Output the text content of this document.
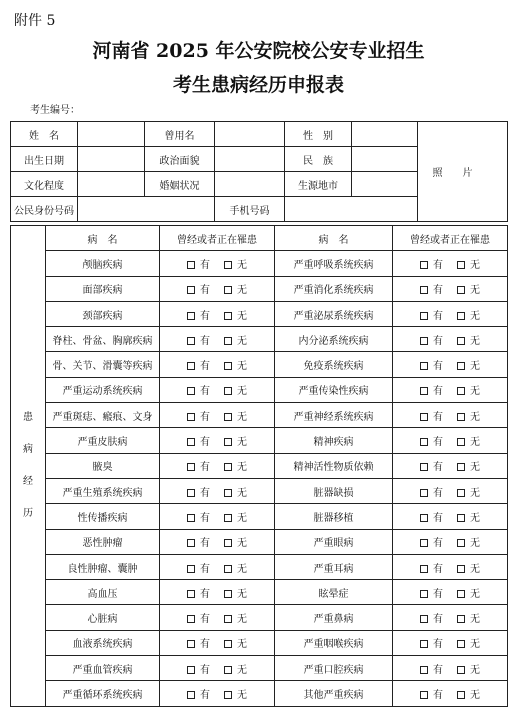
附件 5
河南省 2025 年公安院校公安专业招生
考生患病经历申报表
考生编号：
姓　名		曾用名		性　别		照片
出生日期		政治面貌		民　族		
文化程度		婚姻状况		生源地市		
公民身份号码			手机号码			
患
病
经
历	病　名	曾经或者正在罹患	病　名	曾经或者正在罹患
	颅脑疾病	有 无	严重呼吸系统疾病	有 无
	面部疾病	有 无	严重消化系统疾病	有 无
	颈部疾病	有 无	严重泌尿系统疾病	有 无
	脊柱、骨盆、胸廓疾病	有 无	内分泌系统疾病	有 无
	骨、关节、滑囊等疾病	有 无	免疫系统疾病	有 无
	严重运动系统疾病	有 无	严重传染性疾病	有 无
	严重斑痣、瘢痕、文身	有 无	严重神经系统疾病	有 无
	严重皮肤病	有 无	精神疾病	有 无
	腋臭	有 无	精神活性物质依赖	有 无
	严重生殖系统疾病	有 无	脏器缺损	有 无
	性传播疾病	有 无	脏器移植	有 无
	恶性肿瘤	有 无	严重眼病	有 无
	良性肿瘤、囊肿	有 无	严重耳病	有 无
	高血压	有 无	眩晕症	有 无
	心脏病	有 无	严重鼻病	有 无
	血液系统疾病	有 无	严重咽喉疾病	有 无
	严重血管疾病	有 无	严重口腔疾病	有 无
	严重循环系统疾病	有 无	其他严重疾病	有 无
